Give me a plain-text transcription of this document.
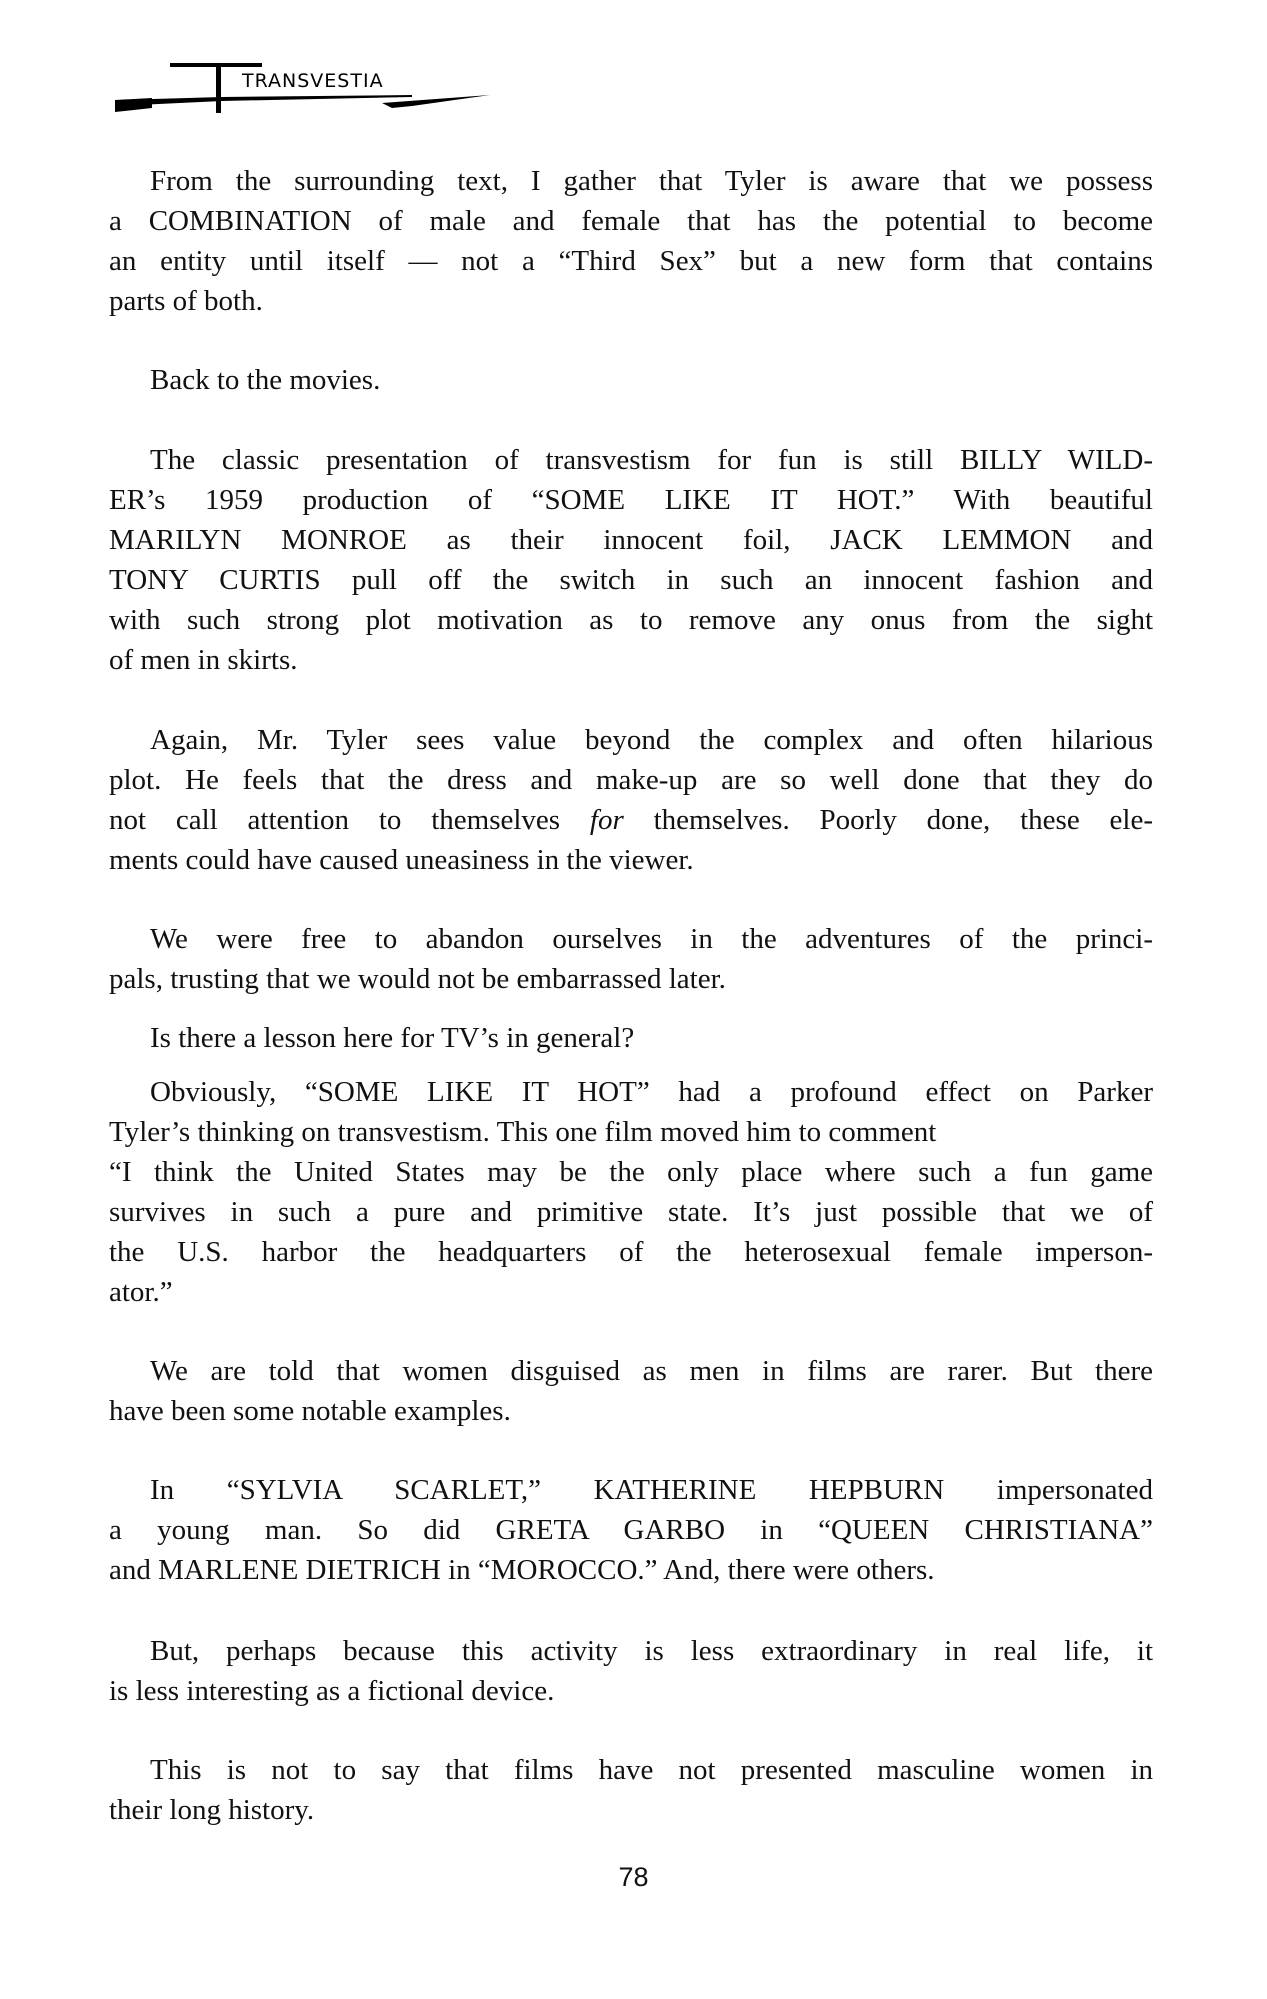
TRANSVESTIA
From the surrounding text, I gather that Tyler is aware that we possess
a COMBINATION of male and female that has the potential to become
an entity until itself — not a “Third Sex” but a new form that contains
parts of both.
Back to the movies.
The classic presentation of transvestism for fun is still BILLY WILD-
ER’s 1959 production of “SOME LIKE IT HOT.” With beautiful
MARILYN MONROE as their innocent foil, JACK LEMMON and
TONY CURTIS pull off the switch in such an innocent fashion and
with such strong plot motivation as to remove any onus from the sight
of men in skirts.
Again, Mr. Tyler sees value beyond the complex and often hilarious
plot. He feels that the dress and make-up are so well done that they do
not call attention to themselves for themselves. Poorly done, these ele-
ments could have caused uneasiness in the viewer.
We were free to abandon ourselves in the adventures of the princi-
pals, trusting that we would not be embarrassed later.
Is there a lesson here for TV’s in general?
Obviously, “SOME LIKE IT HOT” had a profound effect on Parker
Tyler’s thinking on transvestism. This one film moved him to comment
“I think the United States may be the only place where such a fun game
survives in such a pure and primitive state. It’s just possible that we of
the U.S. harbor the headquarters of the heterosexual female imperson-
ator.”
We are told that women disguised as men in films are rarer. But there
have been some notable examples.
In “SYLVIA SCARLET,” KATHERINE HEPBURN impersonated
a young man. So did GRETA GARBO in “QUEEN CHRISTIANA”
and MARLENE DIETRICH in “MOROCCO.” And, there were others.
But, perhaps because this activity is less extraordinary in real life, it
is less interesting as a fictional device.
This is not to say that films have not presented masculine women in
their long history.
78
